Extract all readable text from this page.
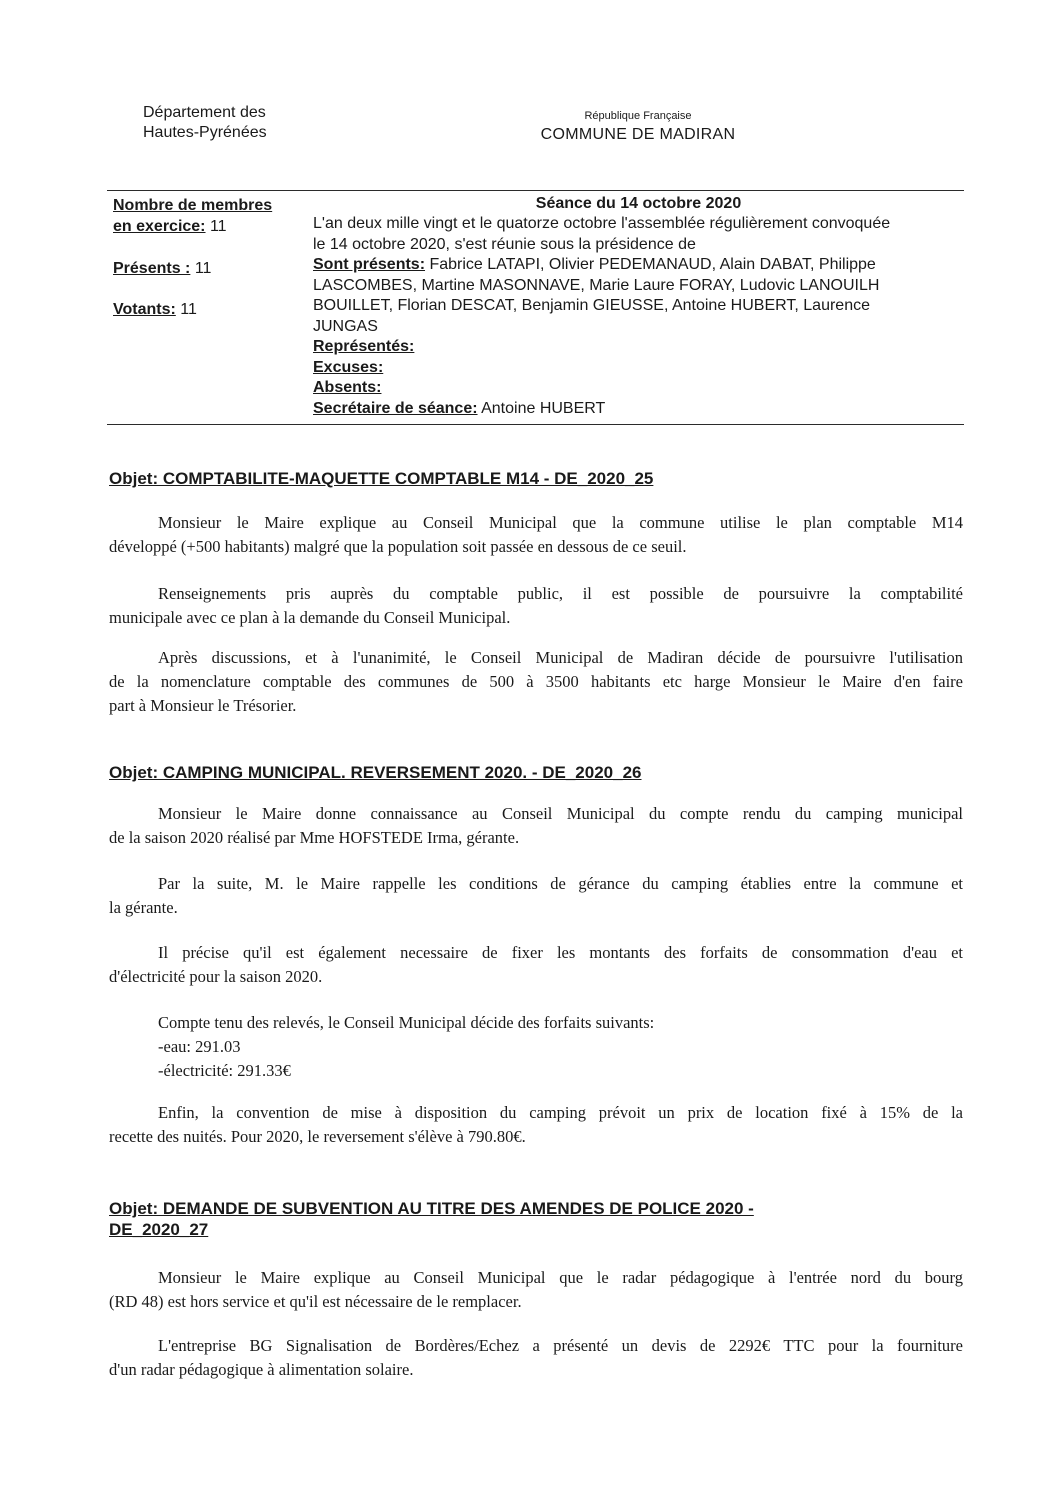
Département des
Hautes-Pyrénées
République Française
COMMUNE DE MADIRAN
Nombre de membres
en exercice: 11
Présents : 11
Votants: 11
Séance du 14 octobre 2020
L'an deux mille vingt et le quatorze octobre l'assemblée régulièrement convoquée
le 14 octobre 2020, s'est réunie sous la présidence de
Sont présents: Fabrice LATAPI, Olivier PEDEMANAUD, Alain DABAT, Philippe
LASCOMBES, Martine MASONNAVE, Marie Laure FORAY, Ludovic LANOUILH
BOUILLET, Florian DESCAT, Benjamin GIEUSSE, Antoine HUBERT, Laurence
JUNGAS
Représentés:
Excuses:
Absents:
Secrétaire de séance: Antoine HUBERT
Objet: COMPTABILITE-MAQUETTE COMPTABLE M14 - DE_2020_25
Monsieur le Maire explique au Conseil Municipal que la commune utilise le plan comptable M14
développé (+500 habitants) malgré que la population soit passée en dessous de ce seuil.
Renseignements pris auprès du comptable public, il est possible de poursuivre la comptabilité
municipale avec ce plan à la demande du Conseil Municipal.
Après discussions, et à l'unanimité, le Conseil Municipal de Madiran décide de poursuivre l'utilisation
de la nomenclature comptable des communes de 500 à 3500 habitants etc harge Monsieur le Maire d'en faire
part à Monsieur le Trésorier.
Objet: CAMPING MUNICIPAL. REVERSEMENT 2020. - DE_2020_26
Monsieur le Maire donne connaissance au Conseil Municipal du compte rendu du camping municipal
de la saison 2020 réalisé par Mme HOFSTEDE Irma, gérante.
Par la suite, M. le Maire rappelle les conditions de gérance du camping établies entre la commune et
la gérante.
Il précise qu'il est également necessaire de fixer les montants des forfaits de consommation d'eau et
d'électricité pour la saison 2020.
Compte tenu des relevés, le Conseil Municipal décide des forfaits suivants:
-eau: 291.03
-électricité: 291.33€
Enfin, la convention de mise à disposition du camping prévoit un prix de location fixé à 15% de la
recette des nuités. Pour 2020, le reversement s'élève à 790.80€.
Objet: DEMANDE DE SUBVENTION AU TITRE DES AMENDES DE POLICE 2020 -
DE_2020_27
Monsieur le Maire explique au Conseil Municipal que le radar pédagogique à l'entrée nord du bourg
(RD 48) est hors service et qu'il est nécessaire de le remplacer.
L'entreprise BG Signalisation de Bordères/Echez a présenté un devis de 2292€ TTC pour la fourniture
d'un radar pédagogique à alimentation solaire.
